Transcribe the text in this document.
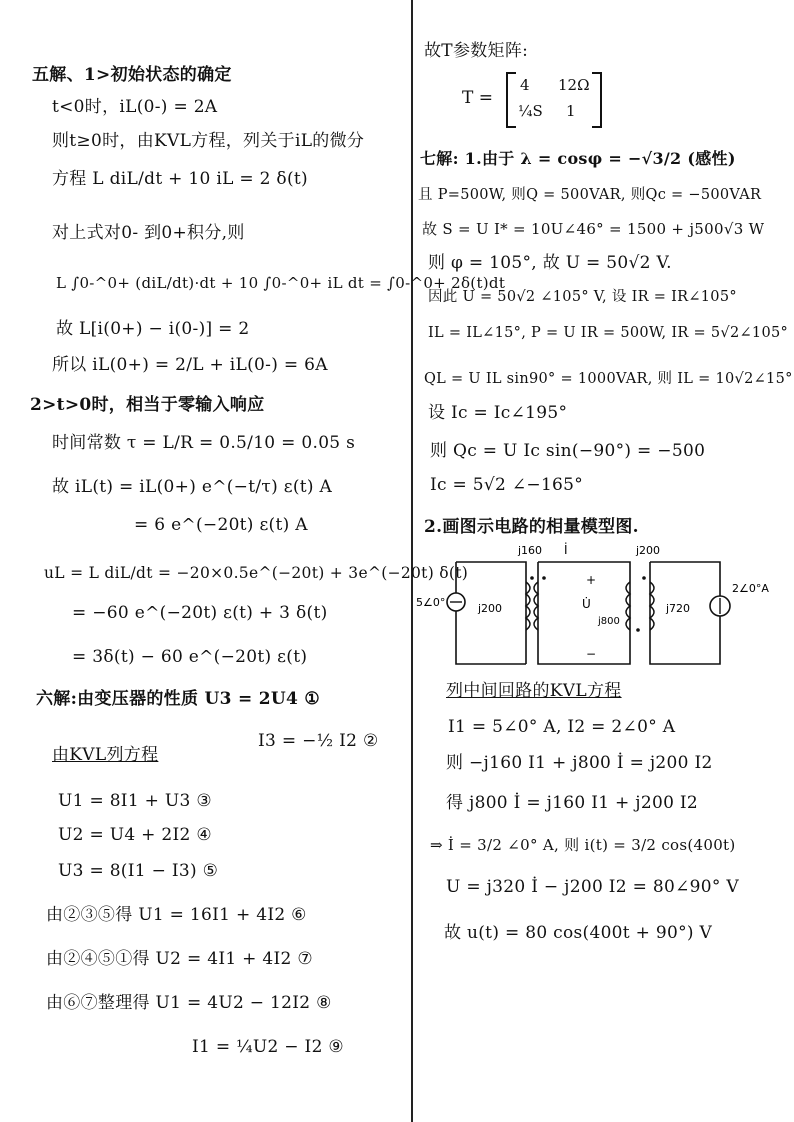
五解、1>初始状态的确定
t<0时，iL(0-) = 2A
则t≥0时，由KVL方程，列关于iL的微分
方程 L diL/dt + 10 iL = 2 δ(t)
对上式对0- 到0+积分,则
L ∫0-^0+ (diL/dt)·dt + 10 ∫0-^0+ iL dt = ∫0-^0+ 2δ(t)dt
故 L[i(0+) − i(0-)] = 2
所以 iL(0+) = 2/L + iL(0-) = 6A
2>t>0时，相当于零输入响应
时间常数 τ = L/R = 0.5/10 = 0.05 s
故 iL(t) = iL(0+) e^(−t/τ) ε(t) A
= 6 e^(−20t) ε(t) A
uL = L diL/dt = −20×0.5e^(−20t) + 3e^(−20t) δ(t)
= −60 e^(−20t) ε(t) + 3 δ(t)
= 3δ(t) − 60 e^(−20t) ε(t)
六解:由变压器的性质 U3 = 2U4 ①
I3 = −½ I2 ②
由KVL列方程
U1 = 8I1 + U3 ③
U2 = U4 + 2I2 ④
U3 = 8(I1 − I3) ⑤
由②③⑤得 U1 = 16I1 + 4I2 ⑥
由②④⑤①得 U2 = 4I1 + 4I2 ⑦
由⑥⑦整理得 U1 = 4U2 − 12I2 ⑧
I1 = ¼U2 − I2 ⑨
故T参数矩阵:
T =
4 12Ω
¼S 1
七解: 1.由于 λ = cosφ = −√3/2 (感性)
且 P=500W, 则Q = 500VAR, 则Qc = −500VAR
故 S = U I* = 10U∠46° = 1500 + j500√3 W
则 φ = 105°, 故 U = 50√2 V.
因此 U = 50√2 ∠105° V, 设 IR = IR∠105°
IL = IL∠15°, P = U IR = 500W, IR = 5√2∠105°
QL = U IL sin90° = 1000VAR, 则 IL = 10√2∠15°
设 Ic = Ic∠195°
则 Qc = U Ic sin(−90°) = −500
Ic = 5√2 ∠−165°
2.画图示电路的相量模型图.
j160 İ	j200
5∠0°	j200
+
U̇
j800
−
j720
2∠0°A
列中间回路的KVL方程
I1 = 5∠0° A, I2 = 2∠0° A
则 −j160 I1 + j800 İ = j200 I2
得 j800 İ = j160 I1 + j200 I2
⇒ İ = 3/2 ∠0° A, 则 i(t) = 3/2 cos(400t)
U = j320 İ − j200 I2 = 80∠90° V
故 u(t) = 80 cos(400t + 90°) V
